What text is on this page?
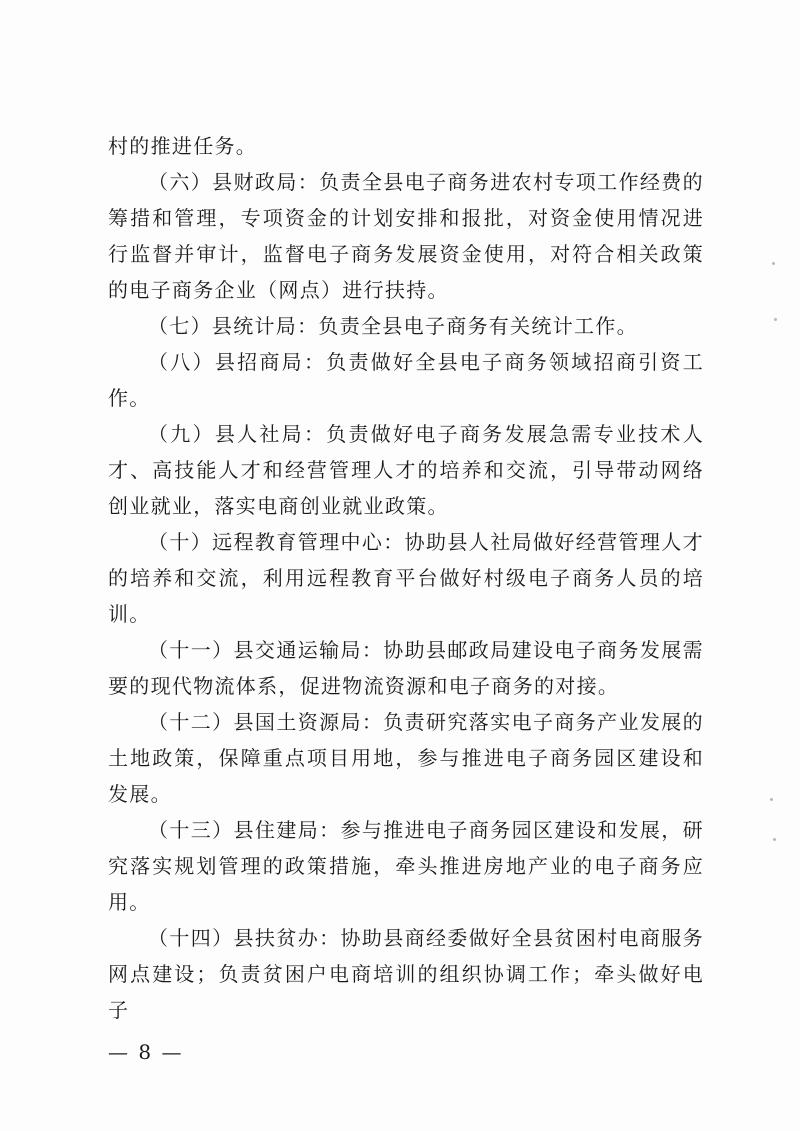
村的推进任务。

（六）县财政局：负责全县电子商务进农村专项工作经费的筹措和管理，专项资金的计划安排和报批，对资金使用情况进行监督并审计，监督电子商务发展资金使用，对符合相关政策的电子商务企业（网点）进行扶持。

（七）县统计局：负责全县电子商务有关统计工作。

（八）县招商局：负责做好全县电子商务领域招商引资工作。

（九）县人社局：负责做好电子商务发展急需专业技术人才、高技能人才和经营管理人才的培养和交流，引导带动网络创业就业，落实电商创业就业政策。

（十）远程教育管理中心：协助县人社局做好经营管理人才的培养和交流，利用远程教育平台做好村级电子商务人员的培训。

（十一）县交通运输局：协助县邮政局建设电子商务发展需要的现代物流体系，促进物流资源和电子商务的对接。

（十二）县国土资源局：负责研究落实电子商务产业发展的土地政策，保障重点项目用地，参与推进电子商务园区建设和发展。

（十三）县住建局：参与推进电子商务园区建设和发展，研究落实规划管理的政策措施，牵头推进房地产业的电子商务应用。

（十四）县扶贫办：协助县商经委做好全县贫困村电商服务网点建设；负责贫困户电商培训的组织协调工作；牵头做好电子

— 8 —
